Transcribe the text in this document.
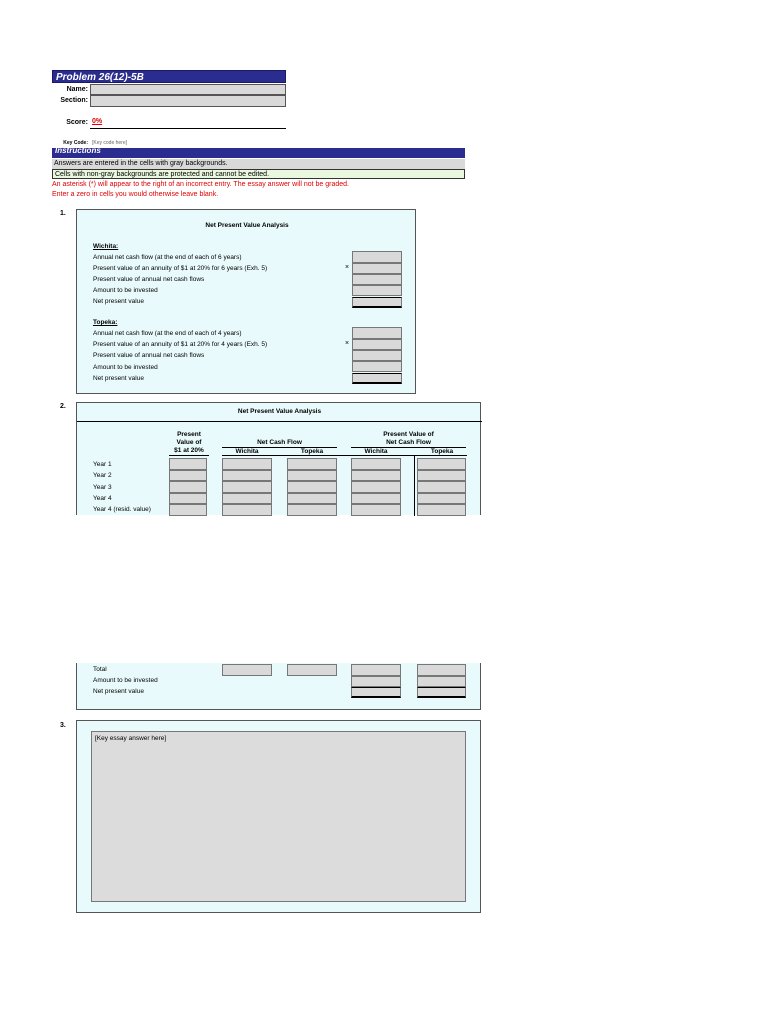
Problem 26(12)-5B
Name:
Section:
Score: 0%
Key Code: [Key code here]
Instructions
Answers are entered in the cells with gray backgrounds.
Cells with non-gray backgrounds are protected and cannot be edited.
An asterisk (*) will appear to the right of an incorrect entry. The essay answer will not be graded.
Enter a zero in cells you would otherwise leave blank.
1.
Net Present Value Analysis
Wichita:
Annual net cash flow (at the end of each of 6 years)
Present value of an annuity of $1 at 20% for 6 years (Exh. 5)
Present value of annual net cash flows
Amount to be invested
Net present value
×
Topeka:
Annual net cash flow (at the end of each of 4 years)
Present value of an annuity of $1 at 20% for 4 years (Exh. 5)
Present value of annual net cash flows
Amount to be invested
Net present value
×
2.
Net Present Value Analysis
Present
Value of
$1 at 20%
Net Cash Flow
Wichita	Topeka
Present Value of
Net Cash Flow
Wichita	Topeka
Year 1
Year 2
Year 3
Year 4
Year 4 (resid. value)
Total
Amount to be invested
Net present value
3.
[Key essay answer here]
